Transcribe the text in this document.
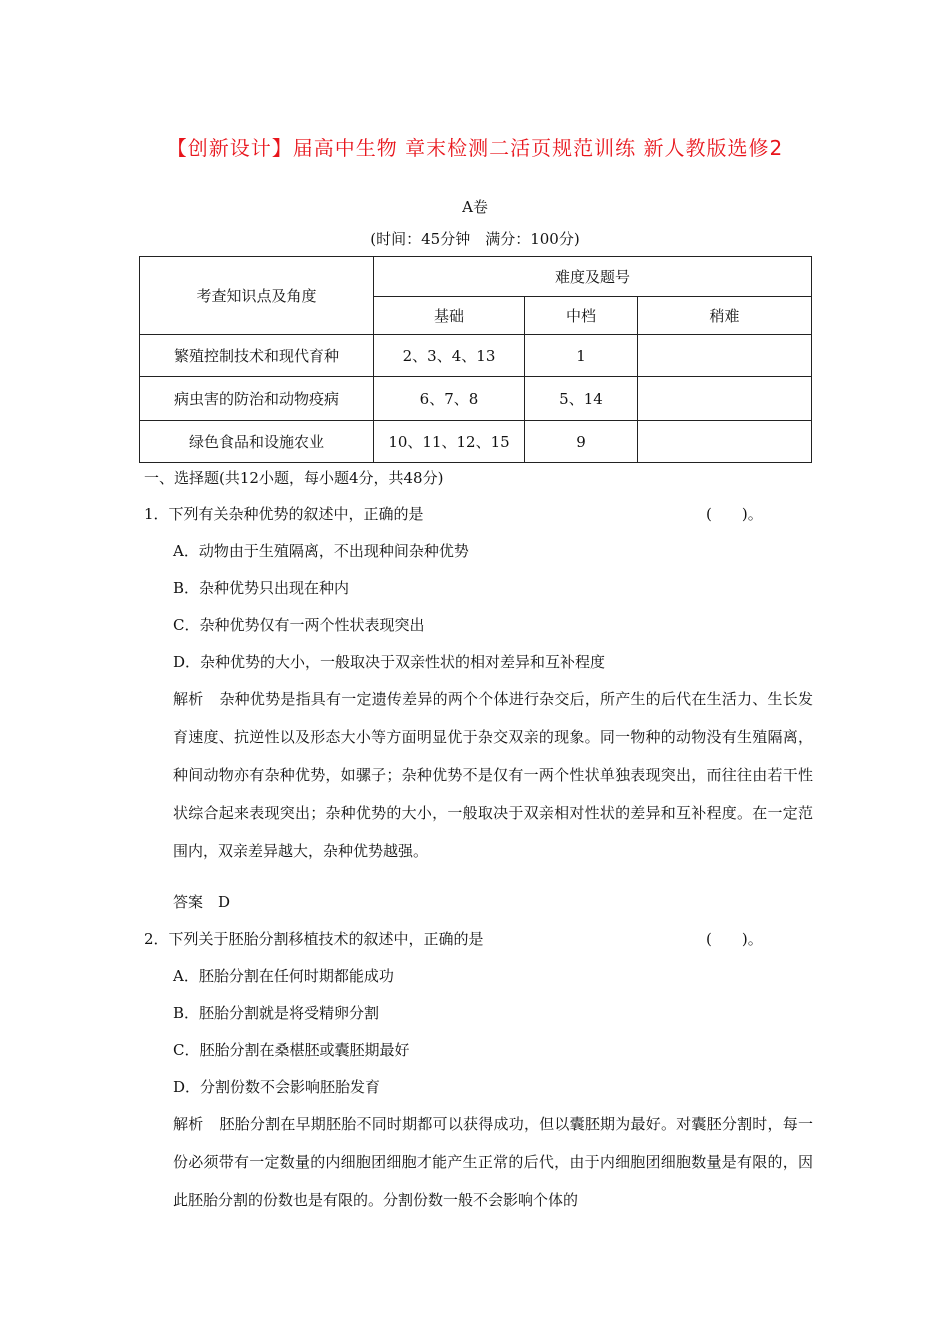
【创新设计】届高中生物 章末检测二活页规范训练 新人教版选修2
A卷
(时间：45分钟　满分：100分)
考查知识点及角度	难度及题号		
	基础	中档	稍难
繁殖控制技术和现代育种	2、3、4、13	1	
病虫害的防治和动物疫病	6、7、8	5、14	
绿色食品和设施农业	10、11、12、15	9	
一、选择题(共12小题，每小题4分，共48分)
1．下列有关杂种优势的叙述中，正确的是	(　　)。
A．动物由于生殖隔离，不出现种间杂种优势
B．杂种优势只出现在种内
C．杂种优势仅有一两个性状表现突出
D．杂种优势的大小，一般取决于双亲性状的相对差异和互补程度
解析 杂种优势是指具有一定遗传差异的两个个体进行杂交后，所产生的后代在生活力、生长发育速度、抗逆性以及形态大小等方面明显优于杂交双亲的现象。同一物种的动物没有生殖隔离，种间动物亦有杂种优势，如骡子；杂种优势不是仅有一两个性状单独表现突出，而往往由若干性状综合起来表现突出；杂种优势的大小，一般取决于双亲相对性状的差异和互补程度。在一定范围内，双亲差异越大，杂种优势越强。
答案　D
2．下列关于胚胎分割移植技术的叙述中，正确的是	(　　)。
A．胚胎分割在任何时期都能成功
B．胚胎分割就是将受精卵分割
C．胚胎分割在桑椹胚或囊胚期最好
D．分割份数不会影响胚胎发育
解析 胚胎分割在早期胚胎不同时期都可以获得成功，但以囊胚期为最好。对囊胚分割时，每一份必须带有一定数量的内细胞团细胞才能产生正常的后代，由于内细胞团细胞数量是有限的，因此胚胎分割的份数也是有限的。分割份数一般不会影响个体的
